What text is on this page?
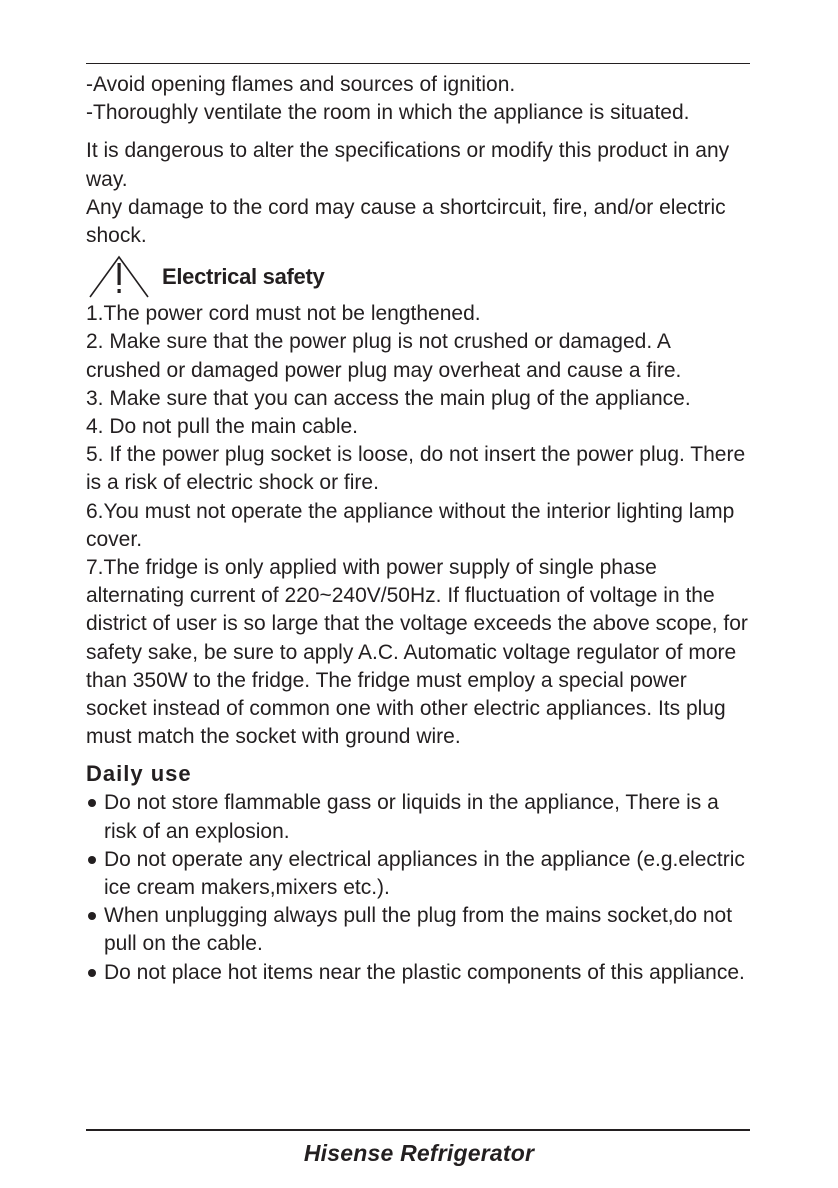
-Avoid opening flames and sources of ignition.

-Thoroughly ventilate the room in which the appliance is situated.

It is dangerous to alter the specifications or modify this product in any way.

Any damage to the cord may cause a shortcircuit, fire, and/or electric shock.

Electrical safety

1.The power cord must not be lengthened.

2. Make sure that the power plug is not crushed or damaged. A crushed or damaged power plug may overheat and cause a fire.

3. Make sure that you can access the main plug of the appliance.

4. Do not pull the main cable.

5. If the power plug socket is loose, do not insert the power plug. There is a risk of electric shock or fire.

6.You must not operate the appliance without the interior lighting lamp cover.

7.The fridge is only applied with power supply of single phase alternating current of 220~240V/50Hz. If fluctuation of voltage in the district of user is so large that the voltage exceeds the above scope, for safety sake, be sure to apply A.C. Automatic voltage regulator of more than 350W to the fridge. The fridge must employ a special power socket instead of common one with other electric appliances. Its plug must match the socket with ground wire.

Daily use
Do not store flammable gass or liquids in the appliance, There is a risk of an explosion.
Do not operate any electrical appliances in the appliance (e.g.electric ice cream makers,mixers etc.).
When unplugging always pull the plug from the mains socket,do not pull on the cable.
Do not place hot items near the plastic components of this appliance.
Hisense Refrigerator
